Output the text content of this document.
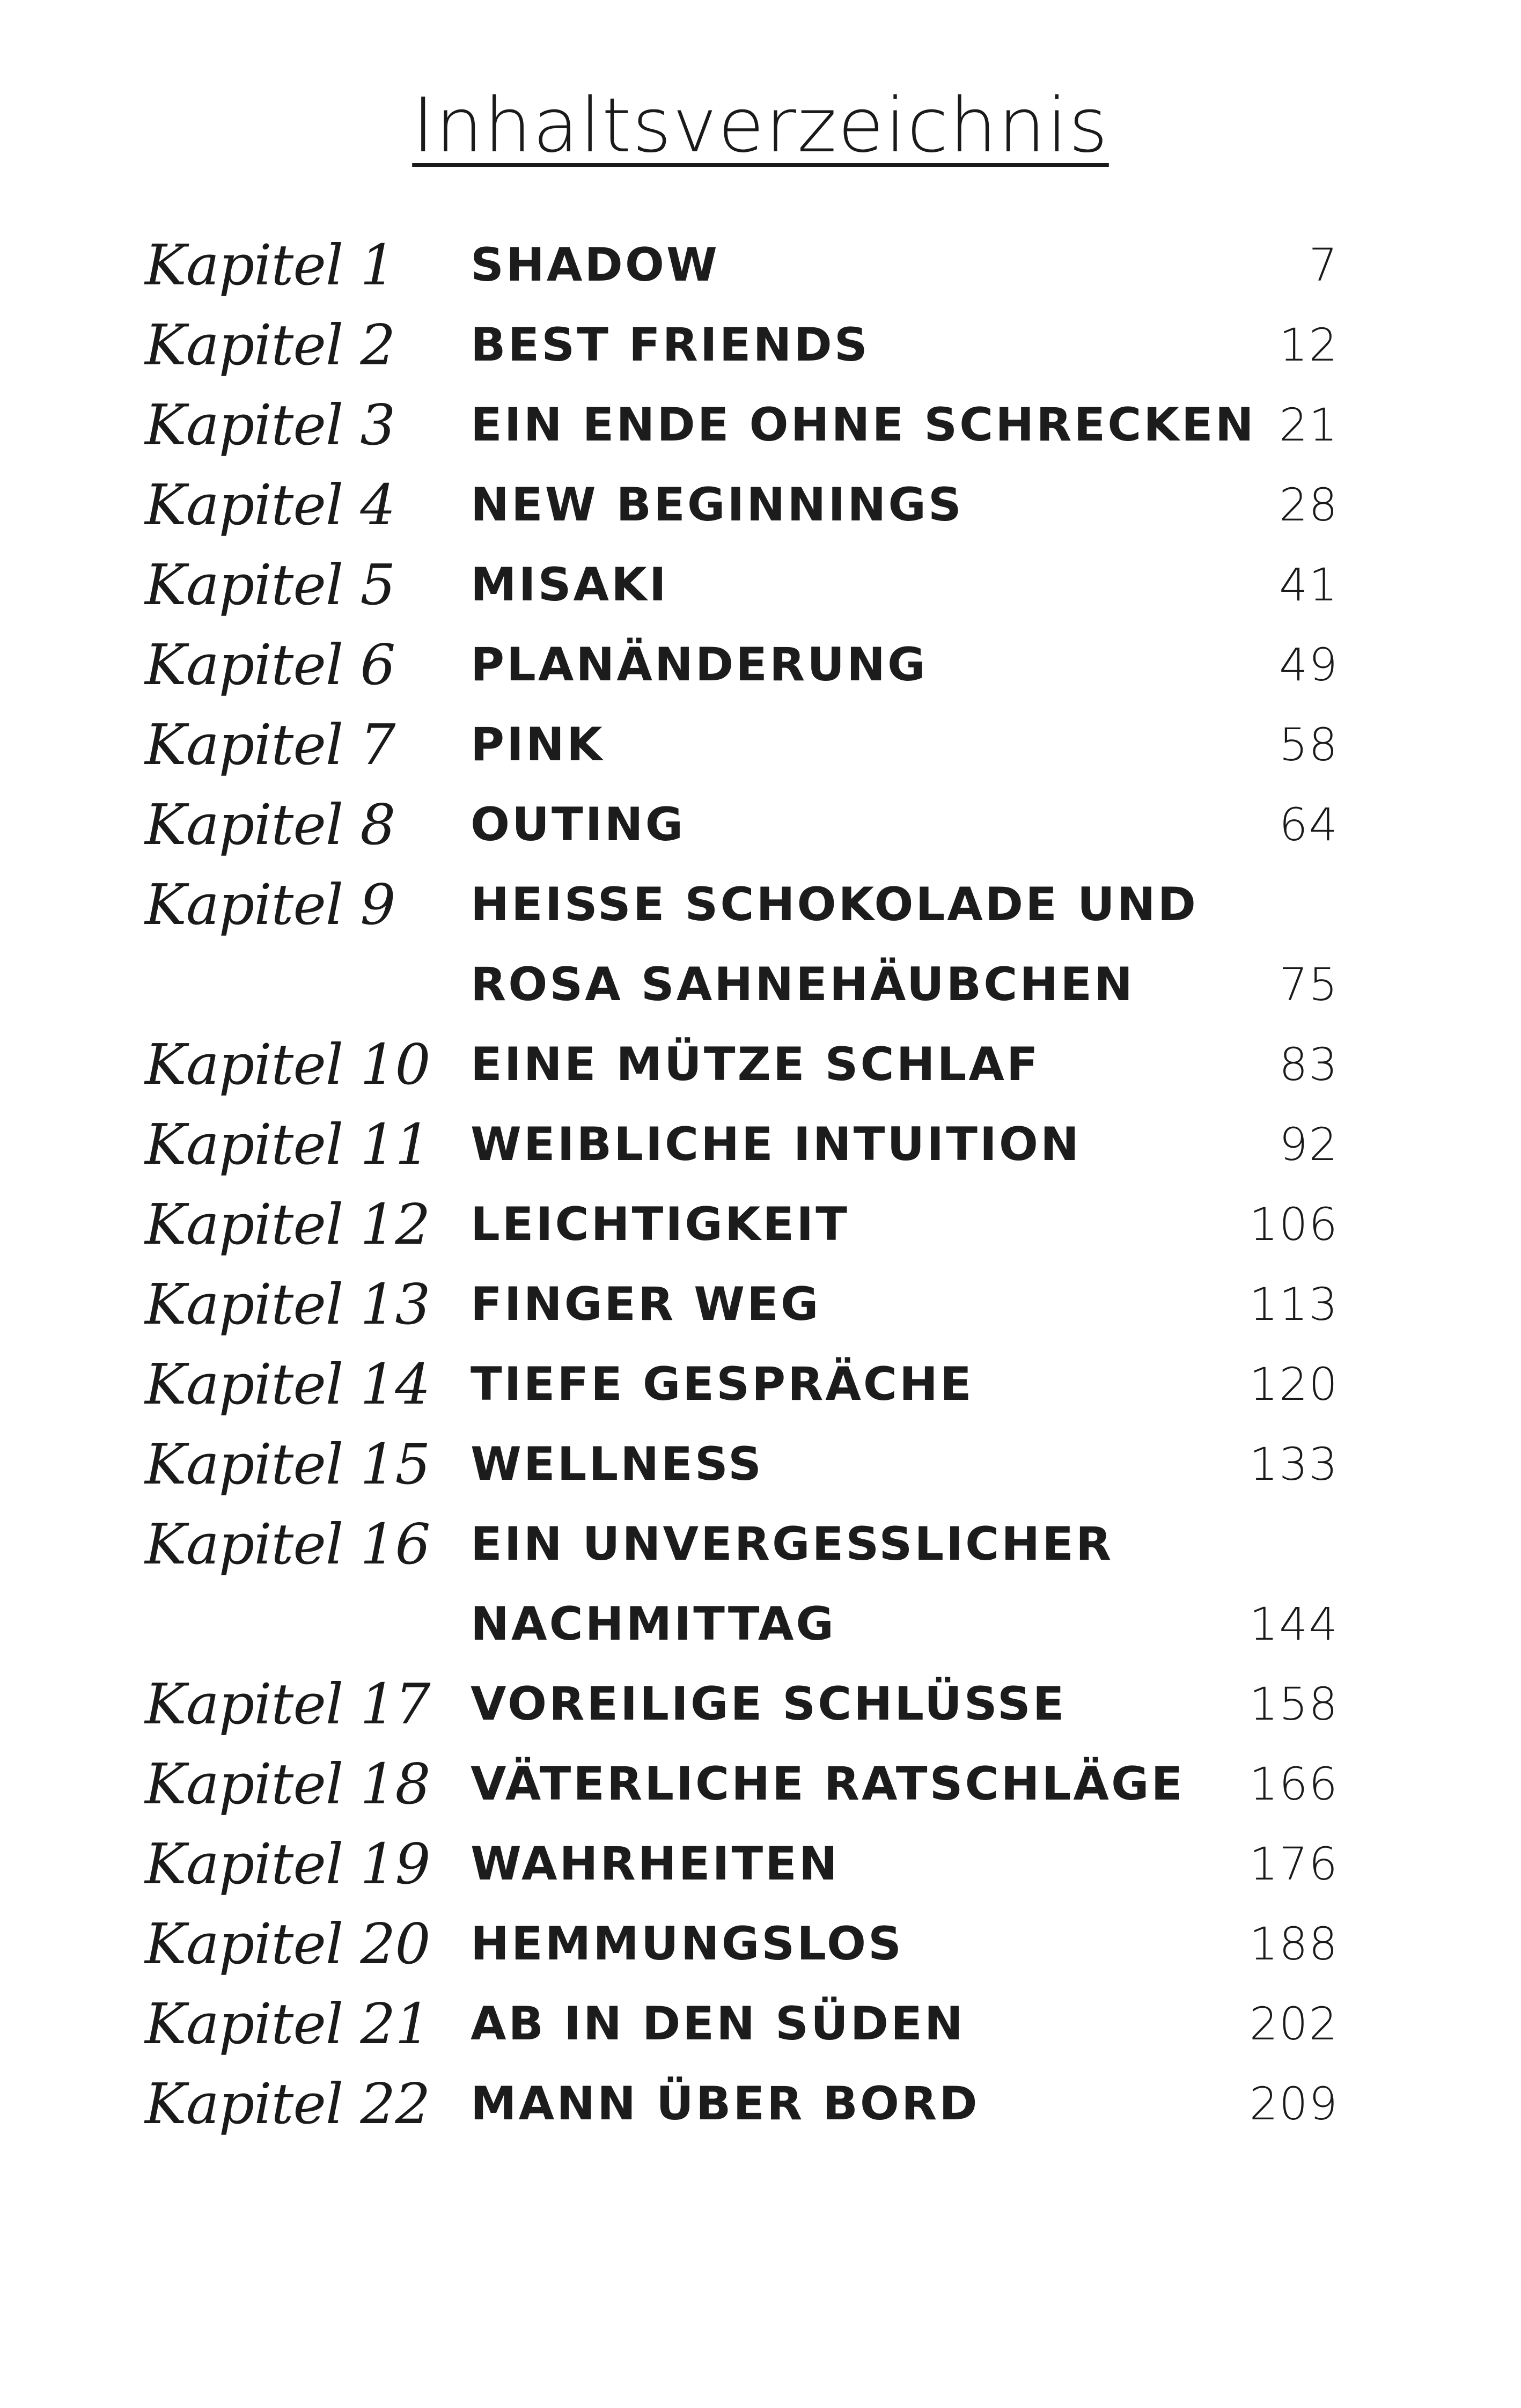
Inhaltsverzeichnis
Kapitel 1 SHADOW	7
Kapitel 2 BEST FRIENDS	12
Kapitel 3 EIN ENDE OHNE SCHRECKEN 21
Kapitel 4 NEW BEGINNINGS	28
Kapitel 5 MISAKI	41
Kapitel 6 PLANÄNDERUNG	49
Kapitel 7 PINK	58
Kapitel 8 OUTING	64
Kapitel 9 HEISSE SCHOKOLADE UND
ROSA SAHNEHÄUBCHEN	75
Kapitel 10 EINE MÜTZE SCHLAF	83
Kapitel 11 WEIBLICHE INTUITION	92
Kapitel 12 LEICHTIGKEIT	106
Kapitel 13 FINGER WEG	113
Kapitel 14 TIEFE GESPRÄCHE	120
Kapitel 15 WELLNESS	133
Kapitel 16 EIN UNVERGESSLICHER
NACHMITTAG	144
Kapitel 17 VOREILIGE SCHLÜSSE	158
Kapitel 18 VÄTERLICHE RATSCHLÄGE 166
Kapitel 19 WAHRHEITEN	176
Kapitel 20 HEMMUNGSLOS	188
Kapitel 21 AB IN DEN SÜDEN	202
Kapitel 22 MANN ÜBER BORD	209
